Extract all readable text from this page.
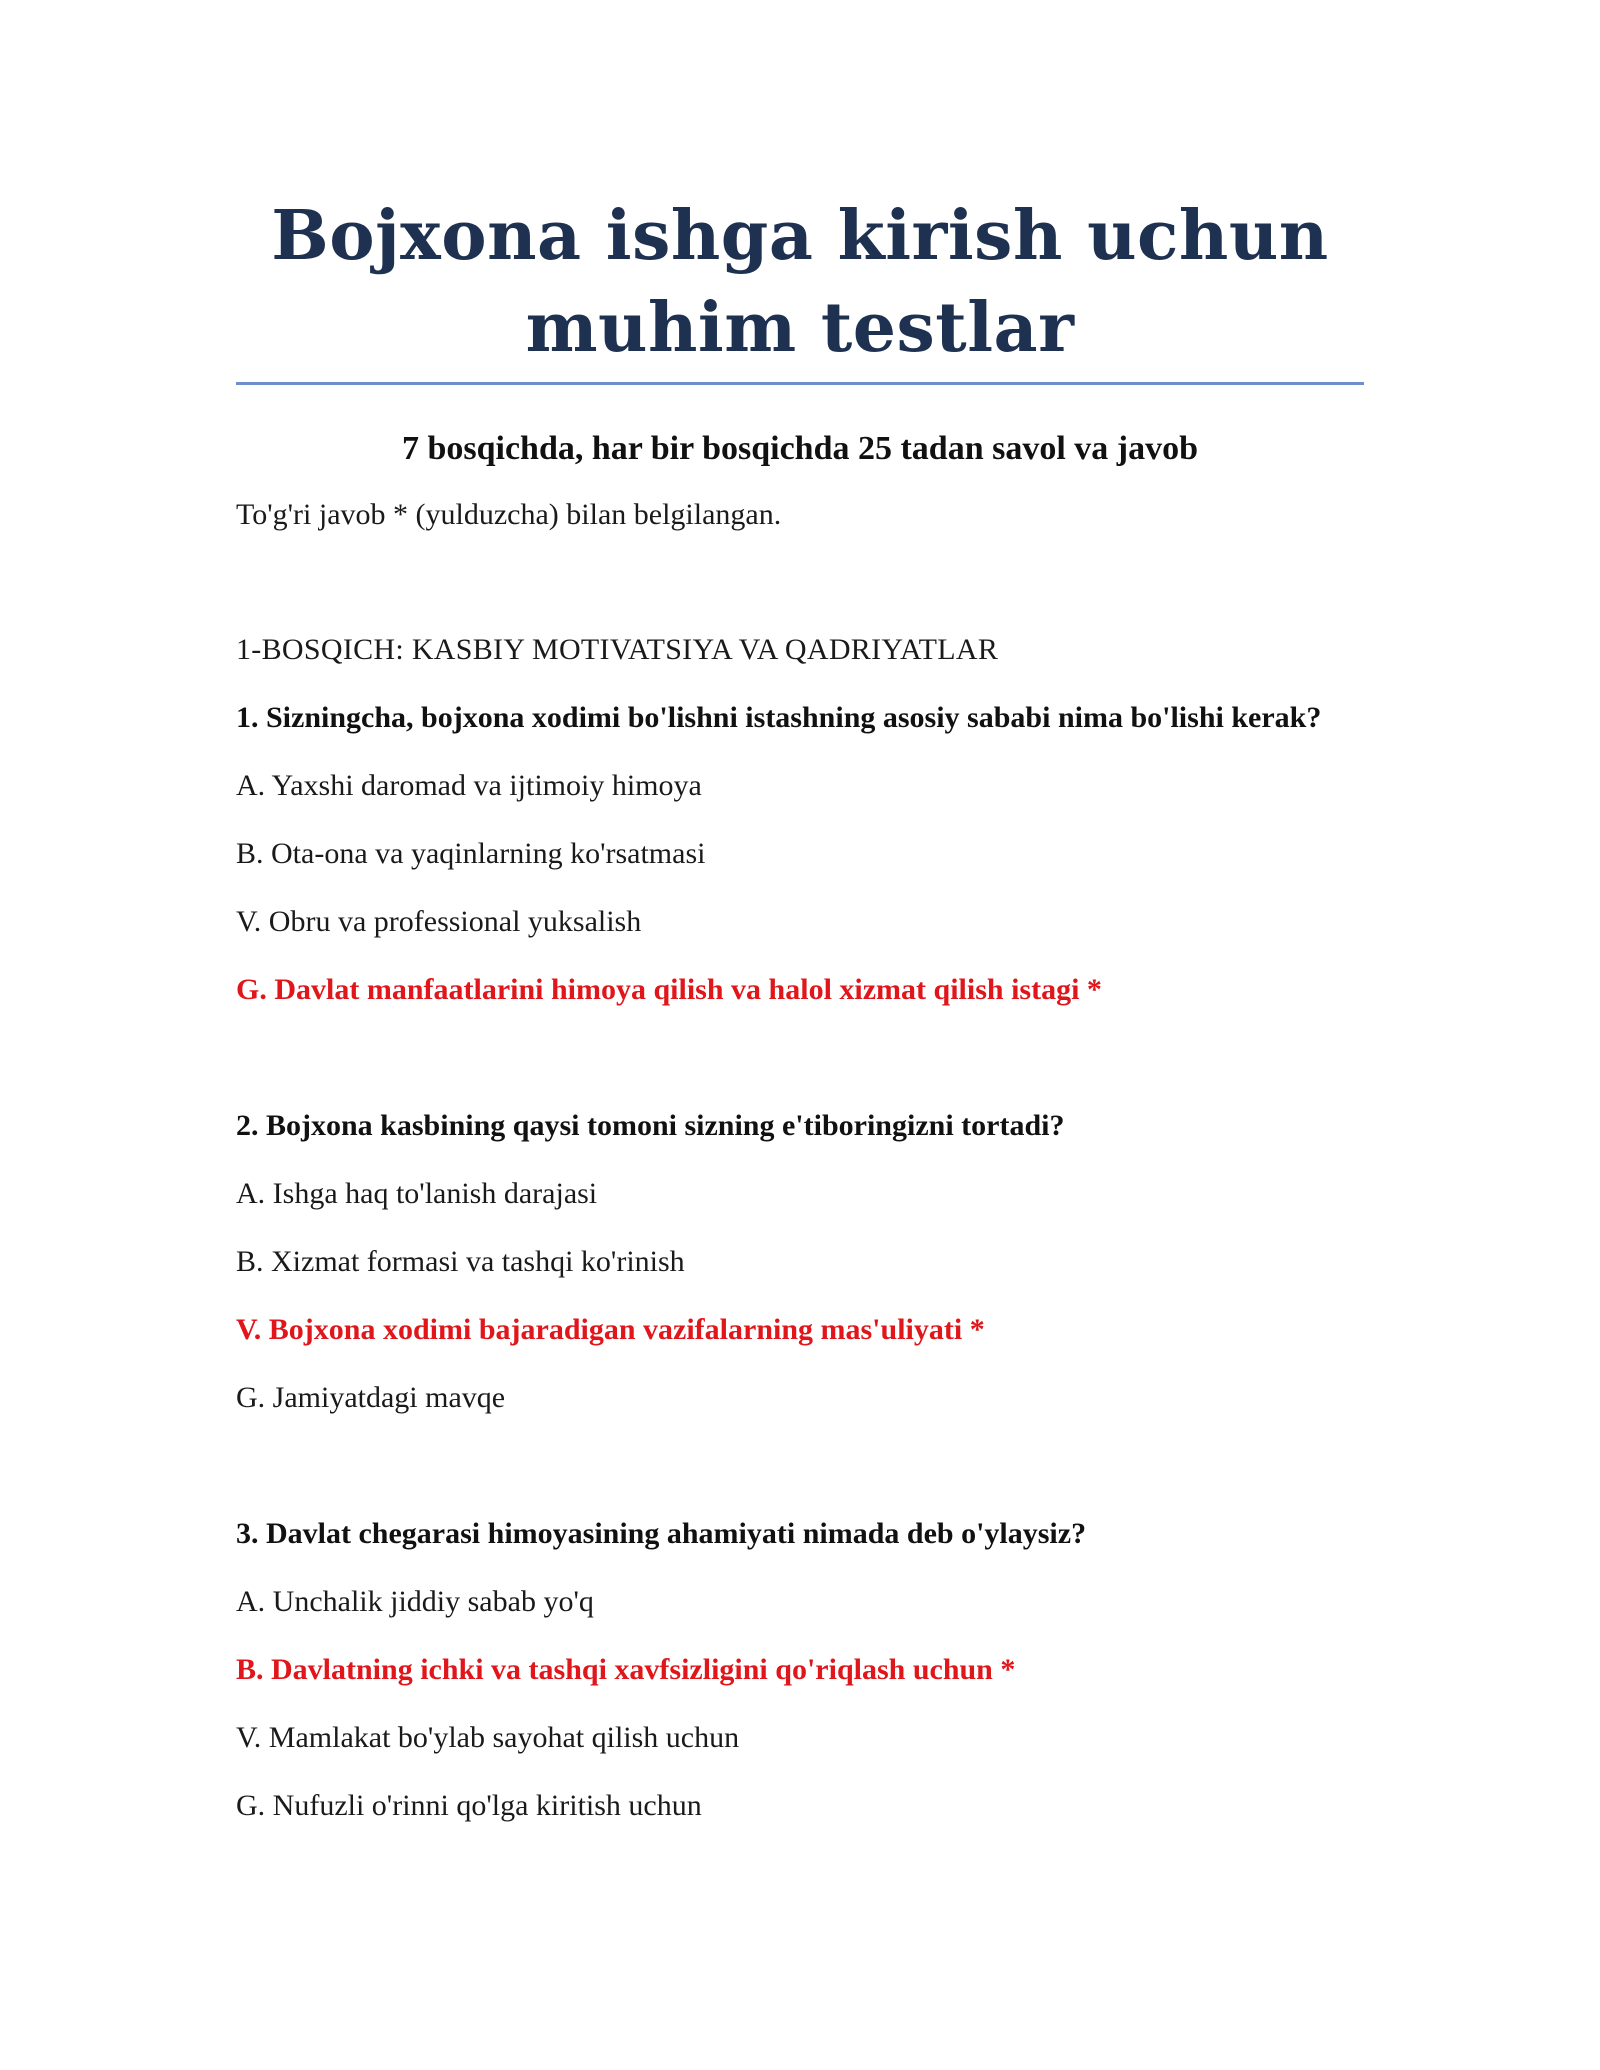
Bojxona ishga kirish uchun
muhim testlar
7 bosqichda, har bir bosqichda 25 tadan savol va javob
To'g'ri javob * (yulduzcha) bilan belgilangan.
1-BOSQICH: KASBIY MOTIVATSIYA VA QADRIYATLAR
1. Sizningcha, bojxona xodimi bo'lishni istashning asosiy sababi nima bo'lishi kerak?
A. Yaxshi daromad va ijtimoiy himoya
B. Ota-ona va yaqinlarning ko'rsatmasi
V. Obru va professional yuksalish
G. Davlat manfaatlarini himoya qilish va halol xizmat qilish istagi *
2. Bojxona kasbining qaysi tomoni sizning e'tiboringizni tortadi?
A. Ishga haq to'lanish darajasi
B. Xizmat formasi va tashqi ko'rinish
V. Bojxona xodimi bajaradigan vazifalarning mas'uliyati *
G. Jamiyatdagi mavqe
3. Davlat chegarasi himoyasining ahamiyati nimada deb o'ylaysiz?
A. Unchalik jiddiy sabab yo'q
B. Davlatning ichki va tashqi xavfsizligini qo'riqlash uchun *
V. Mamlakat bo'ylab sayohat qilish uchun
G. Nufuzli o'rinni qo'lga kiritish uchun
